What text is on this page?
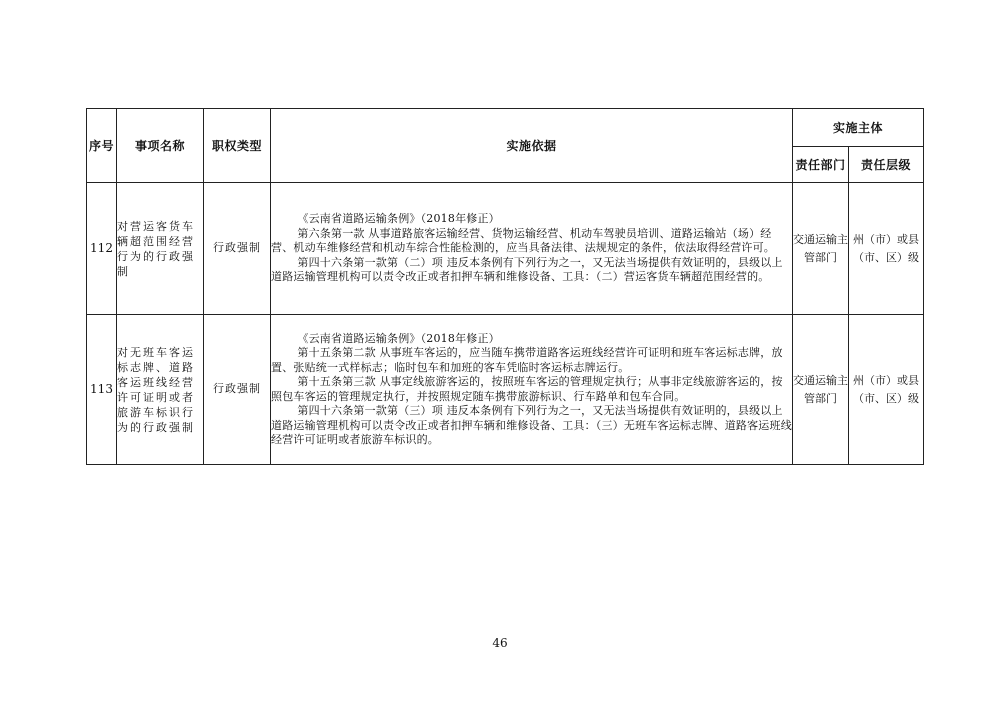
序号	事项名称	职权类型	实施依据	实施主体	
				责任部门	责任层级
112	对营运客货车辆超范围经营行为的行政强制	行政强制	《云南省道路运输条例》（2018年修正）

第六条第一款 从事道路旅客运输经营、货物运输经营、机动车驾驶员培训、道路运输站（场）经营、机动车维修经营和机动车综合性能检测的，应当具备法律、法规规定的条件，依法取得经营许可。

第四十六条第一款第（二）项 违反本条例有下列行为之一，又无法当场提供有效证明的，县级以上道路运输管理机构可以责令改正或者扣押车辆和维修设备、工具：（二）营运客货车辆超范围经营的。	交通运输主管部门	州（市）或县（市、区）级
113	对无班车客运标志牌、道路客运班线经营许可证明或者旅游车标识行为的行政强制	行政强制	《云南省道路运输条例》（2018年修正）

第十五条第二款 从事班车客运的，应当随车携带道路客运班线经营许可证明和班车客运标志牌，放置、张贴统一式样标志；临时包车和加班的客车凭临时客运标志牌运行。

第十五条第三款 从事定线旅游客运的，按照班车客运的管理规定执行；从事非定线旅游客运的，按照包车客运的管理规定执行，并按照规定随车携带旅游标识、行车路单和包车合同。

第四十六条第一款第（三）项 违反本条例有下列行为之一，又无法当场提供有效证明的，县级以上道路运输管理机构可以责令改正或者扣押车辆和维修设备、工具：（三）无班车客运标志牌、道路客运班线经营许可证明或者旅游车标识的。	交通运输主管部门	州（市）或县（市、区）级
46
